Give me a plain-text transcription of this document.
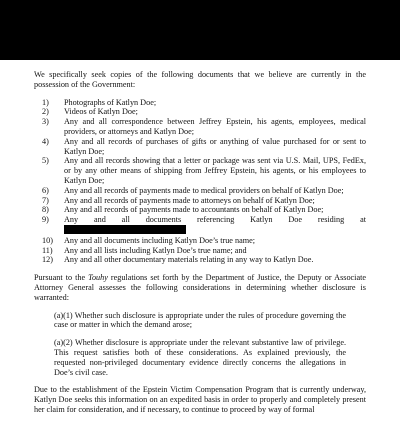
We specifically seek copies of the following documents that we believe are currently in the possession of the Government:

1) Photographs of Katlyn Doe;
2) Videos of Katlyn Doe;
3) Any and all correspondence between Jeffrey Epstein, his agents, employees, medical providers, or attorneys and Katlyn Doe;
4) Any and all records of purchases of gifts or anything of value purchased for or sent to Katlyn Doe;
5) Any and all records showing that a letter or package was sent via U.S. Mail, UPS, FedEx, or by any other means of shipping from Jeffrey Epstein, his agents, or his employees to Katlyn Doe;
6) Any and all records of payments made to medical providers on behalf of Katlyn Doe;
7) Any and all records of payments made to attorneys on behalf of Katlyn Doe;
8) Any and all records of payments made to accountants on behalf of Katlyn Doe;
9) Any and all documents referencing Katlyn Doe residing at
10) Any and all documents including Katlyn Doe’s true name;
11) Any and all lists including Katlyn Doe’s true name; and
12) Any and all other documentary materials relating in any way to Katlyn Doe.

Pursuant to the Touhy regulations set forth by the Department of Justice, the Deputy or Associate Attorney General assesses the following considerations in determining whether disclosure is warranted:

(a)(1) Whether such disclosure is appropriate under the rules of procedure governing the case or matter in which the demand arose;

(a)(2) Whether disclosure is appropriate under the relevant substantive law of privilege. This request satisfies both of these considerations. As explained previously, the requested non-privileged documentary evidence directly concerns the allegations in Doe’s civil case.

Due to the establishment of the Epstein Victim Compensation Program that is currently underway, Katlyn Doe seeks this information on an expedited basis in order to properly and completely present her claim for consideration, and if necessary, to continue to proceed by way of formal
